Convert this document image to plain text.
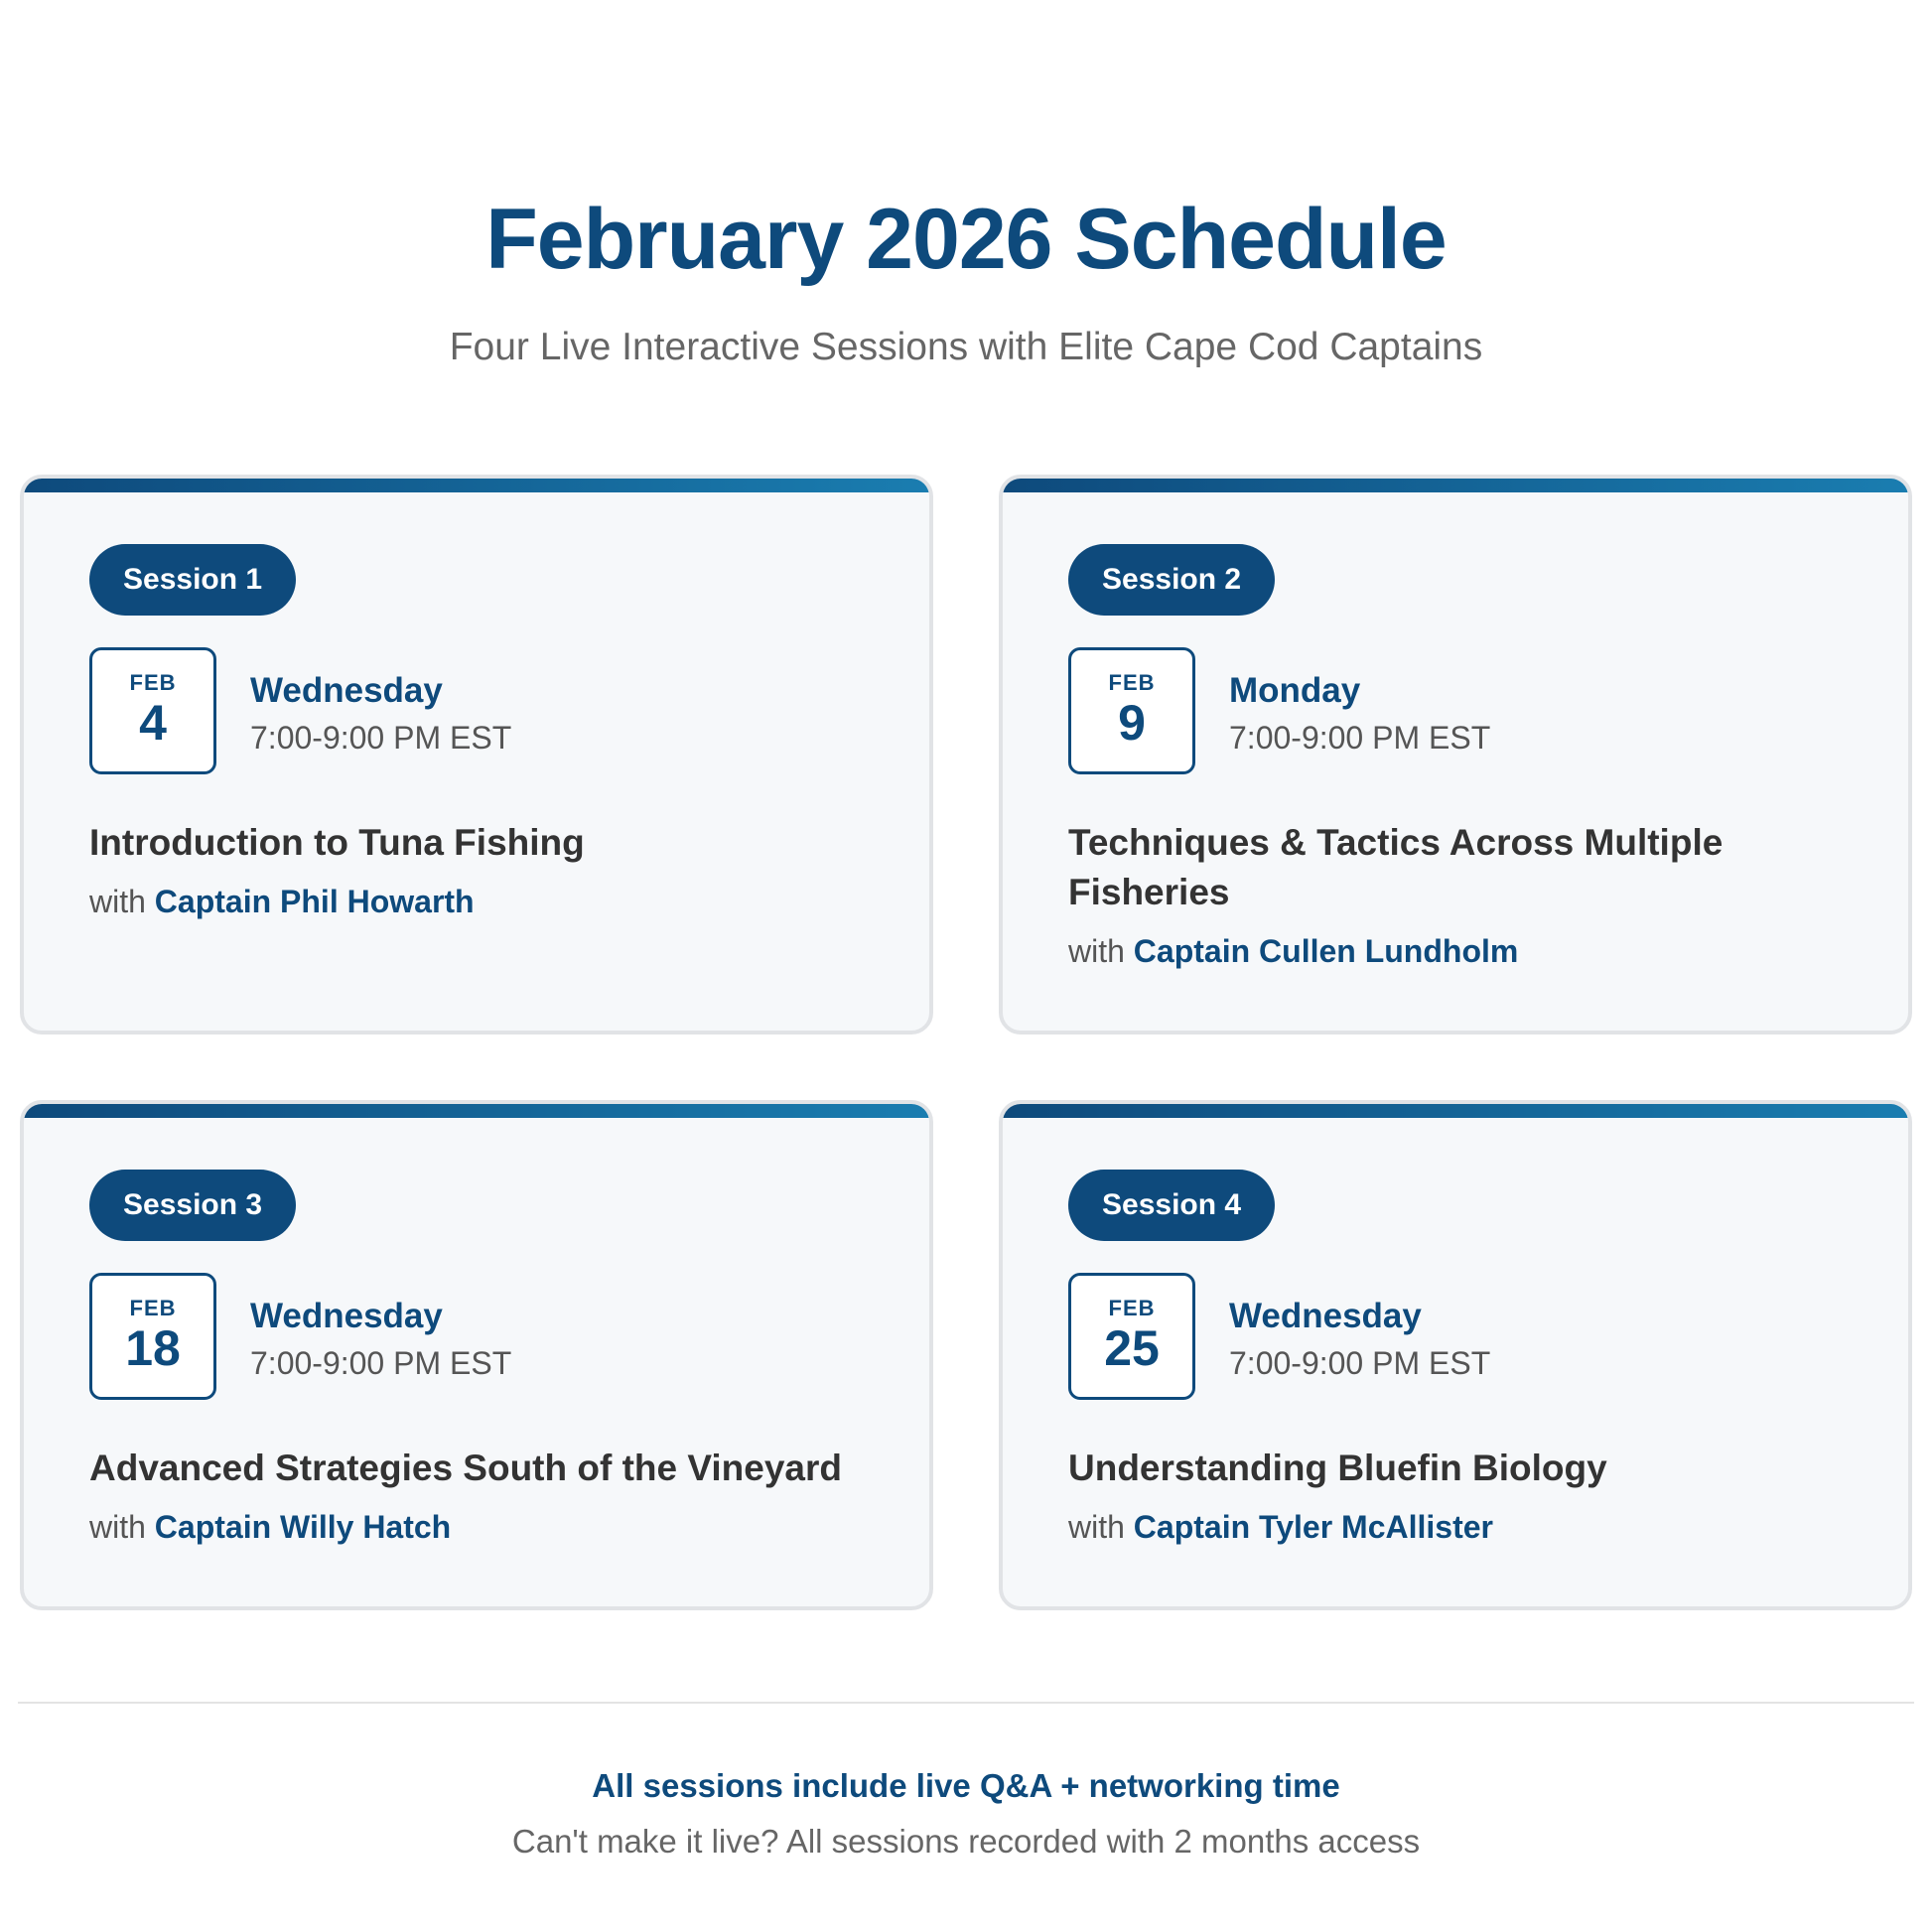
February 2026 Schedule

Four Live Interactive Sessions with Elite Cape Cod Captains

Session 1
FEB
4
Wednesday
7:00-9:00 PM EST
Introduction to Tuna Fishing
with Captain Phil Howarth
Session 2
FEB
9
Monday
7:00-9:00 PM EST
Techniques & Tactics Across Multiple Fisheries
with Captain Cullen Lundholm
Session 3
FEB
18
Wednesday
7:00-9:00 PM EST
Advanced Strategies South of the Vineyard
with Captain Willy Hatch
Session 4
FEB
25
Wednesday
7:00-9:00 PM EST
Understanding Bluefin Biology
with Captain Tyler McAllister
All sessions include live Q&A + networking time
Can't make it live? All sessions recorded with 2 months access
